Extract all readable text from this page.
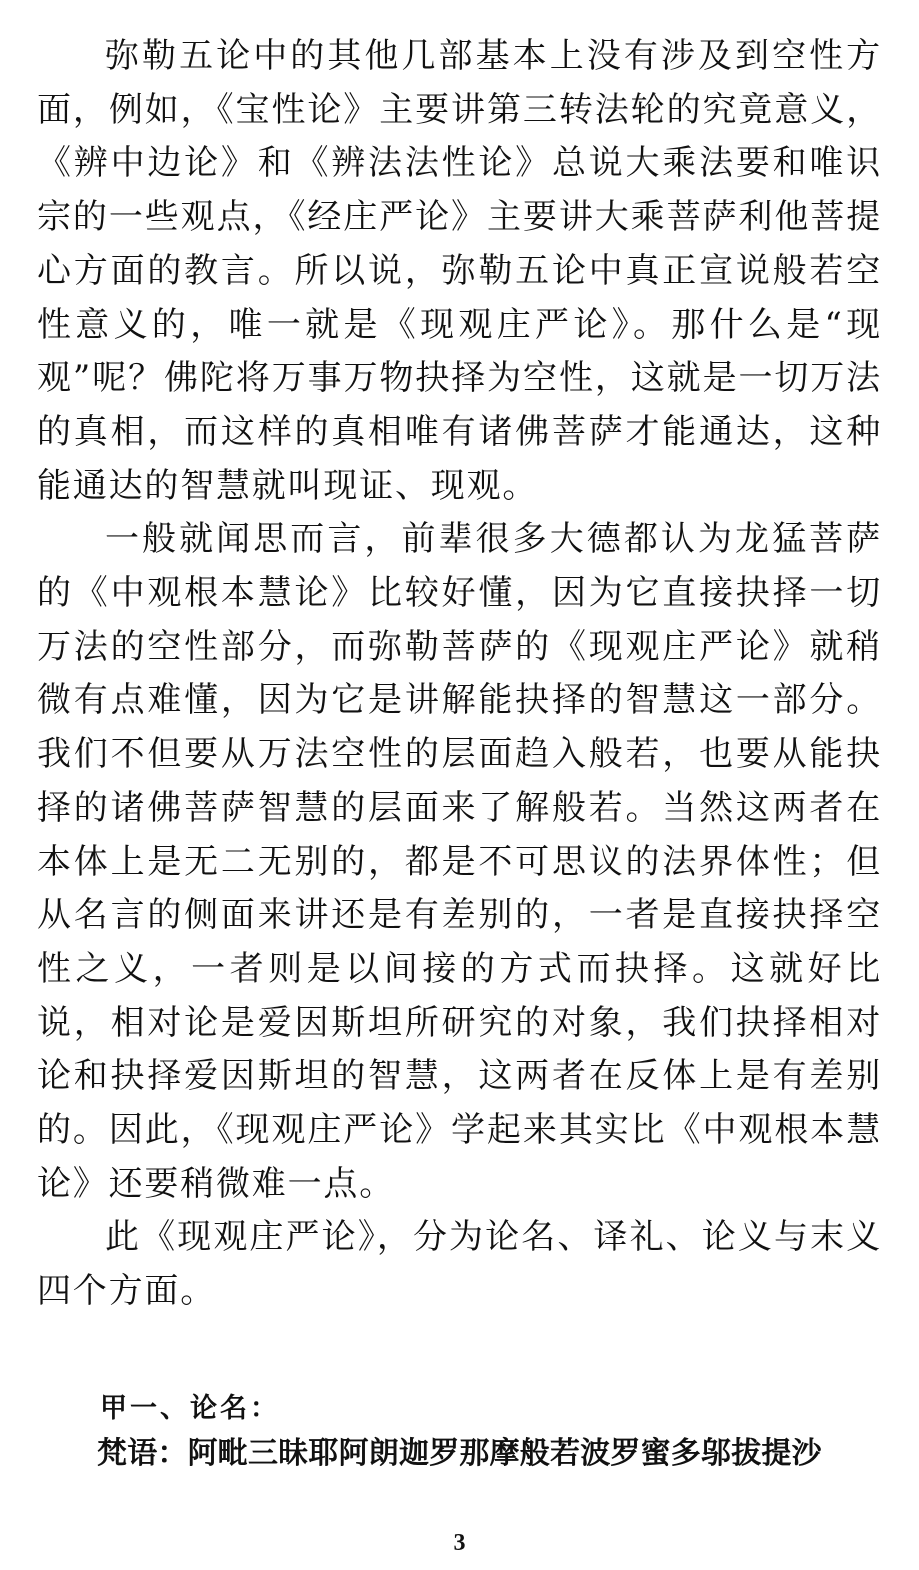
弥勒五论中的其他几部基本上没有涉及到空性方面，例如，《宝性论》主要讲第三转法轮的究竟意义，《辨中边论》和《辨法法性论》总说大乘法要和唯识宗的一些观点，《经庄严论》主要讲大乘菩萨利他菩提心方面的教言。所以说，弥勒五论中真正宣说般若空性意义的，唯一就是《现观庄严论》。那什么是“现观”呢？佛陀将万事万物抉择为空性，这就是一切万法的真相，而这样的真相唯有诸佛菩萨才能通达，这种能通达的智慧就叫现证、现观。

一般就闻思而言，前辈很多大德都认为龙猛菩萨的《中观根本慧论》比较好懂，因为它直接抉择一切万法的空性部分，而弥勒菩萨的《现观庄严论》就稍微有点难懂，因为它是讲解能抉择的智慧这一部分。我们不但要从万法空性的层面趋入般若，也要从能抉择的诸佛菩萨智慧的层面来了解般若。当然这两者在本体上是无二无别的，都是不可思议的法界体性；但从名言的侧面来讲还是有差别的，一者是直接抉择空性之义，一者则是以间接的方式而抉择。这就好比说，相对论是爱因斯坦所研究的对象，我们抉择相对论和抉择爱因斯坦的智慧，这两者在反体上是有差别的。因此，《现观庄严论》学起来其实比《中观根本慧论》还要稍微难一点。

此《现观庄严论》，分为论名、译礼、论义与末义四个方面。

甲一、论名：

梵语：阿毗三昧耶阿朗迦罗那摩般若波罗蜜多邬拔提沙

3
